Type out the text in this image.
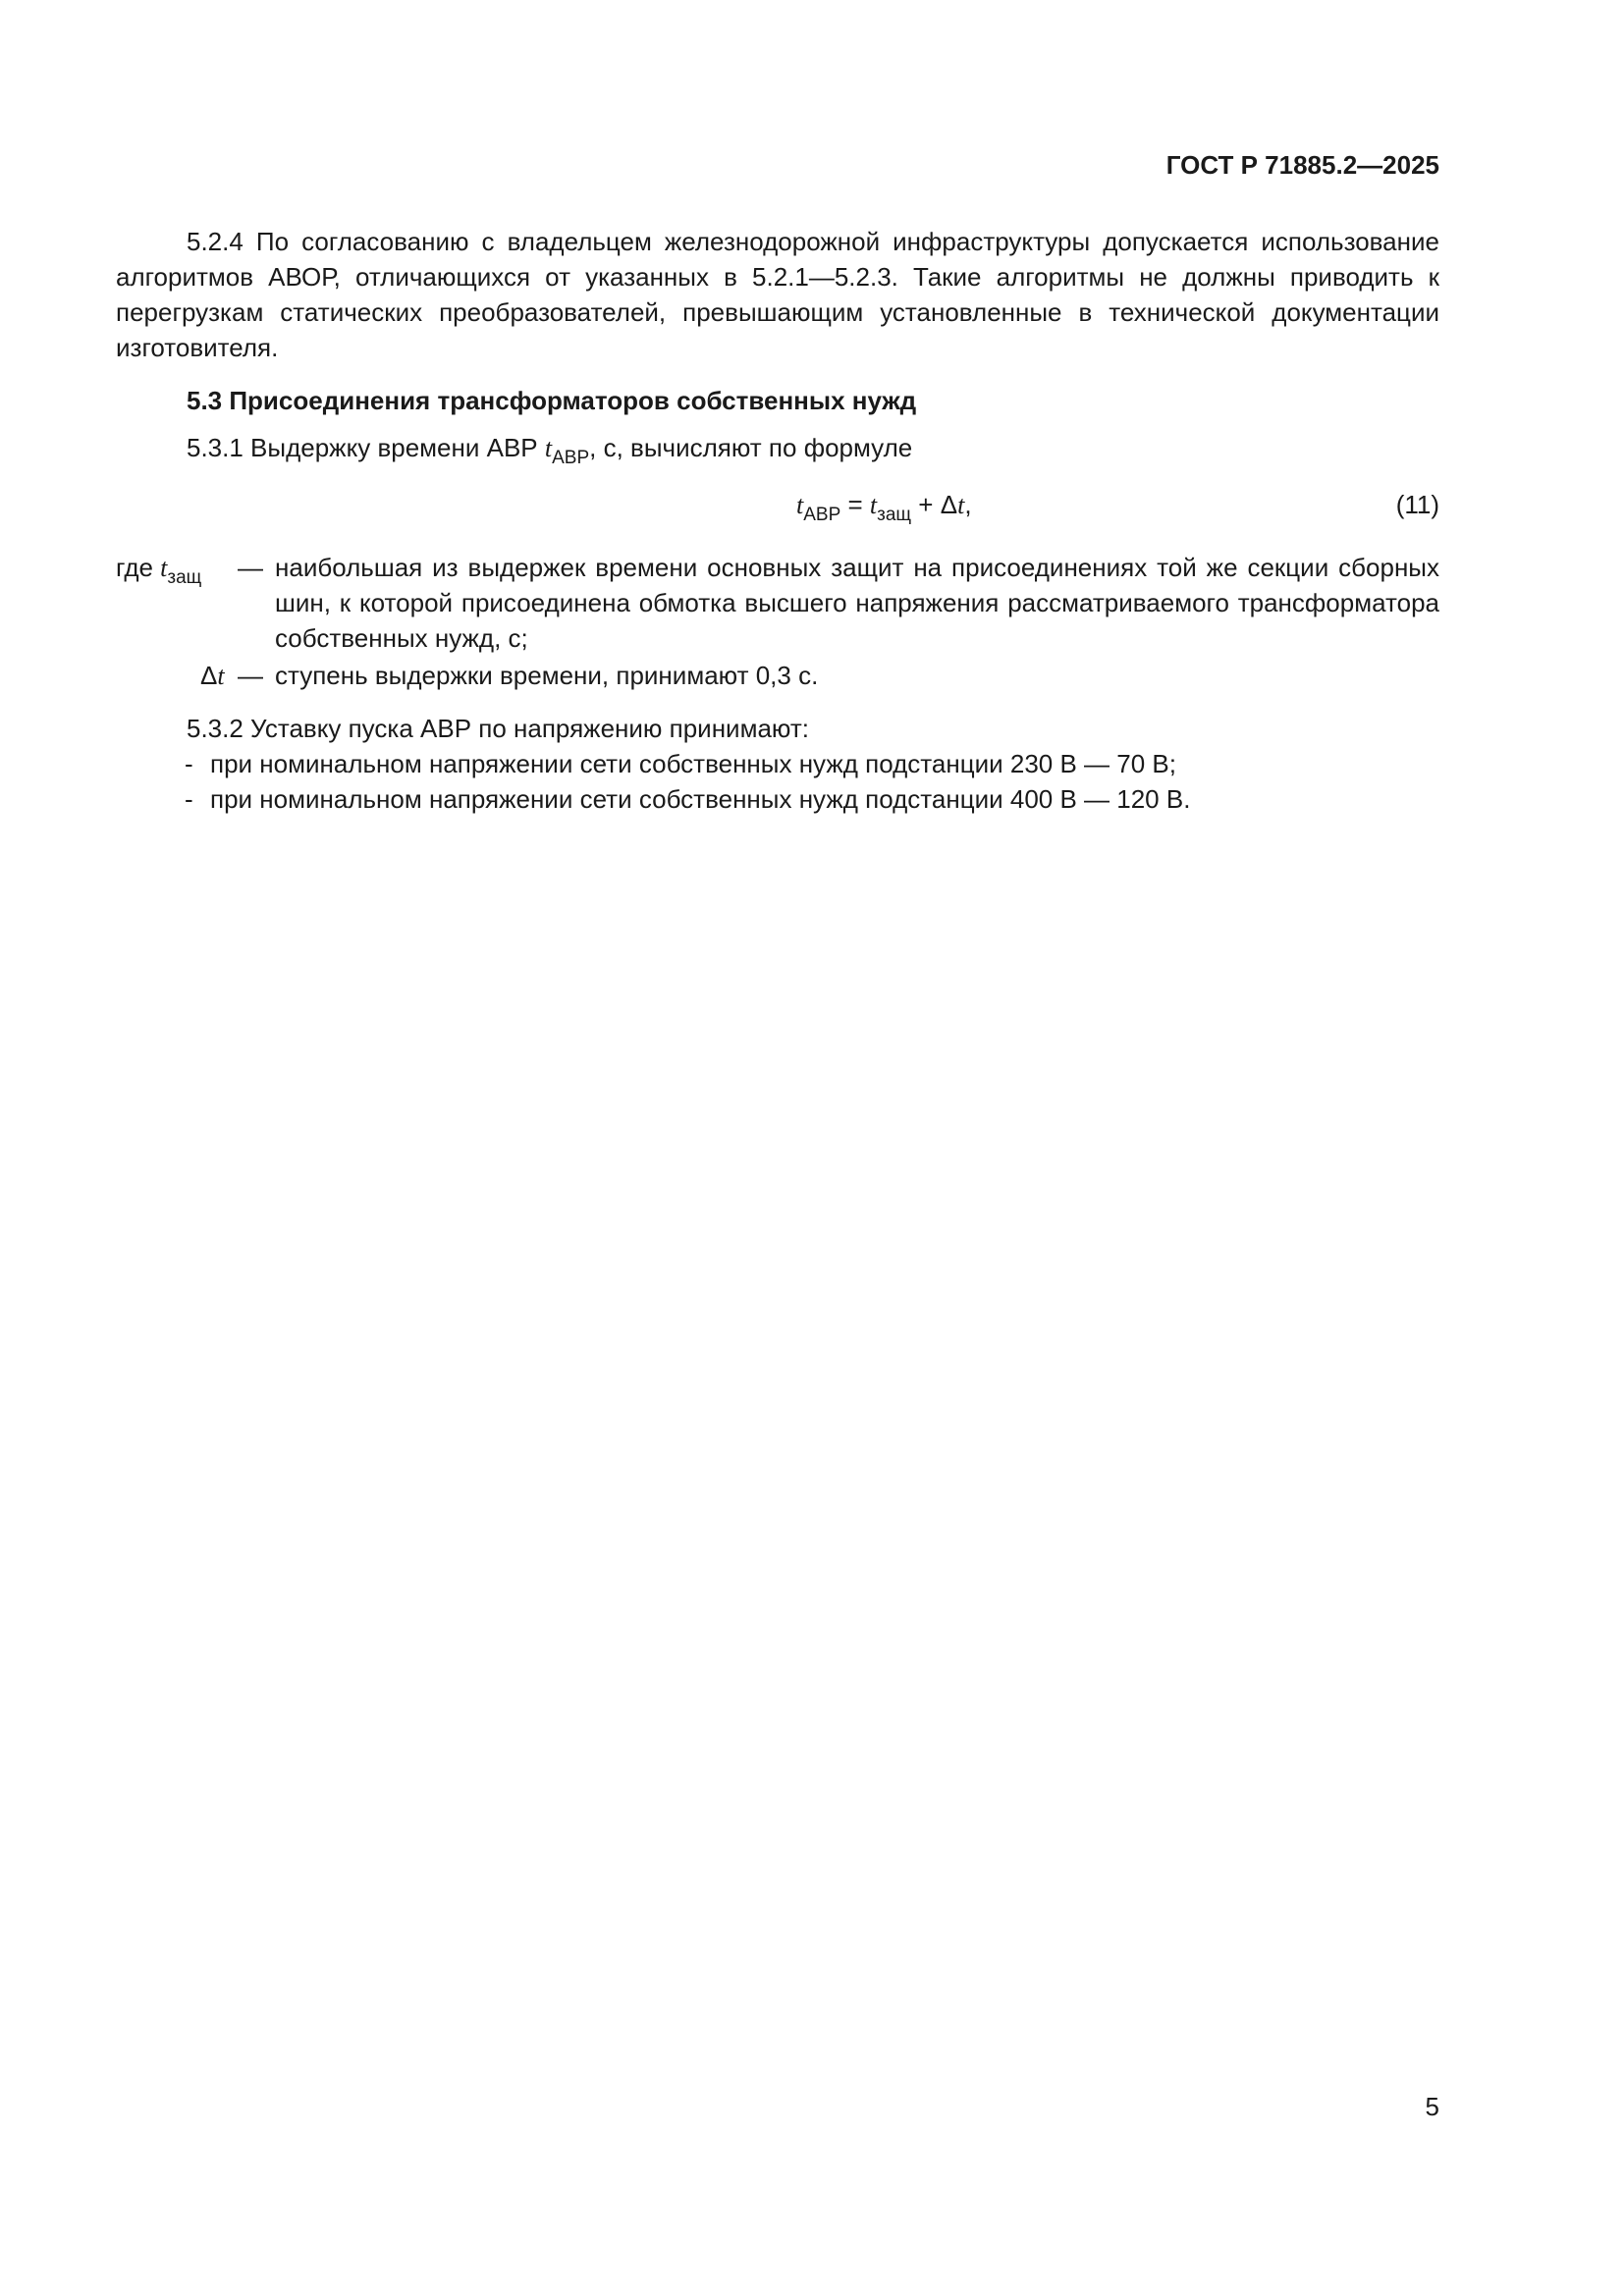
ГОСТ Р 71885.2—2025
5.2.4 По согласованию с владельцем железнодорожной инфраструктуры допускается использование алгоритмов АВОР, отличающихся от указанных в 5.2.1—5.2.3. Такие алгоритмы не должны приводить к перегрузкам статических преобразователей, превышающим установленные в технической документации изготовителя.
5.3 Присоединения трансформаторов собственных нужд
5.3.1 Выдержку времени АВР $t_{АВР}$, с, вычисляют по формуле
$t_{АВР} = t_{защ} + \Delta t$,	(11)
где $t_{защ}$ — наибольшая из выдержек времени основных защит на присоединениях той же секции сборных шин, к которой присоединена обмотка высшего напряжения рассматриваемого трансформатора собственных нужд, с;
Δt — ступень выдержки времени, принимают 0,3 с.
5.3.2 Уставку пуска АВР по напряжению принимают:
- при номинальном напряжении сети собственных нужд подстанции 230 В — 70 В;
- при номинальном напряжении сети собственных нужд подстанции 400 В — 120 В.
5
